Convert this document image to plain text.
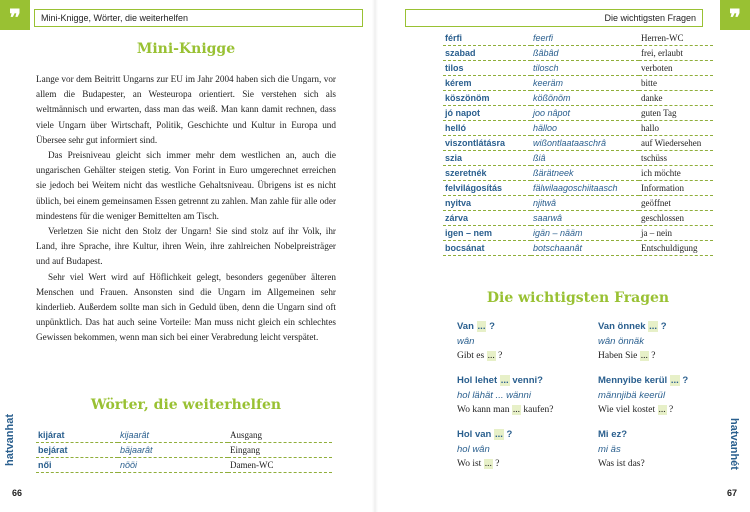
❞	Mini-Knigge, Wörter, die weiterhelfen
Mini-Knigge

Lange vor dem Beitritt Ungarns zur EU im Jahr 2004 haben sich die Ungarn, vor allem die Budapester, an Westeuropa orientiert. Sie verstehen sich als weltmännisch und erwarten, dass man das weiß. Man kann damit rechnen, dass viele Ungarn über Wirtschaft, Politik, Geschichte und Kultur in Europa und Übersee sehr gut informiert sind.

Das Preisniveau gleicht sich immer mehr dem westlichen an, auch die ungarischen Gehälter steigen stetig. Von Forint in Euro umgerechnet erreichen sie jedoch bei Weitem nicht das westliche Gehaltsniveau. Übrigens ist es nicht üblich, bei einem gemeinsamen Essen getrennt zu zahlen. Man zahle für alle oder mindestens für die weniger Bemittelten am Tisch.

Verletzen Sie nicht den Stolz der Ungarn! Sie sind stolz auf ihr Volk, ihr Land, ihre Sprache, ihre Kultur, ihren Wein, ihre zahlreichen Nobelpreisträger und auf Budapest.

Sehr viel Wert wird auf Höflichkeit gelegt, besonders gegenüber älteren Menschen und Frauen. Ansonsten sind die Ungarn im Allgemeinen sehr kinderlieb. Außerdem sollte man sich in Geduld üben, denn die Ungarn sind oft unpünktlich. Das hat auch seine Vorteile: Man muss nicht gleich ein schlechtes Gewissen bekommen, wenn man sich bei einer Verabredung leicht verspätet.

Wörter, die weiterhelfen
kijárat	kijaarât	Ausgang
bejárat	bäjaarât	Eingang
női	nööi	Damen-WC
hatvanhat
66
Die wichtigsten Fragen	❞
férfi	feerfi	Herren-WC
szabad	ßâbâd	frei, erlaubt
tilos	tilosch	verboten
kérem	keeräm	bitte
köszönöm	kößönöm	danke
jó napot	joo nâpot	guten Tag
helló	hälloo	hallo
viszontlátásra	wißontlaataaschrâ	auf Wiedersehen
szia	ßiâ	tschüss
szeretnék	ßärätneek	ich möchte
felvilágosítás	fälwilaagoschiitaasch	Information
nyitva	njitwâ	geöffnet
zárva	saarwâ	geschlossen
igen – nem	igän – nääm	ja – nein
bocsánat	botschaanât	Entschuldigung
Die wichtigsten Fragen
Van ... ?
wân
Gibt es ... ?
Van önnek ... ?
wân önnäk
Haben Sie ... ?
Hol lehet ... venni?
hol lähät ... wänni
Wo kann man ... kaufen?
Mennyibe kerül ... ?
männjibä keerül
Wie viel kostet ... ?
Hol van ... ?
hol wân
Wo ist ... ?
Mi ez?
mi äs
Was ist das?	hatvanhét
67
